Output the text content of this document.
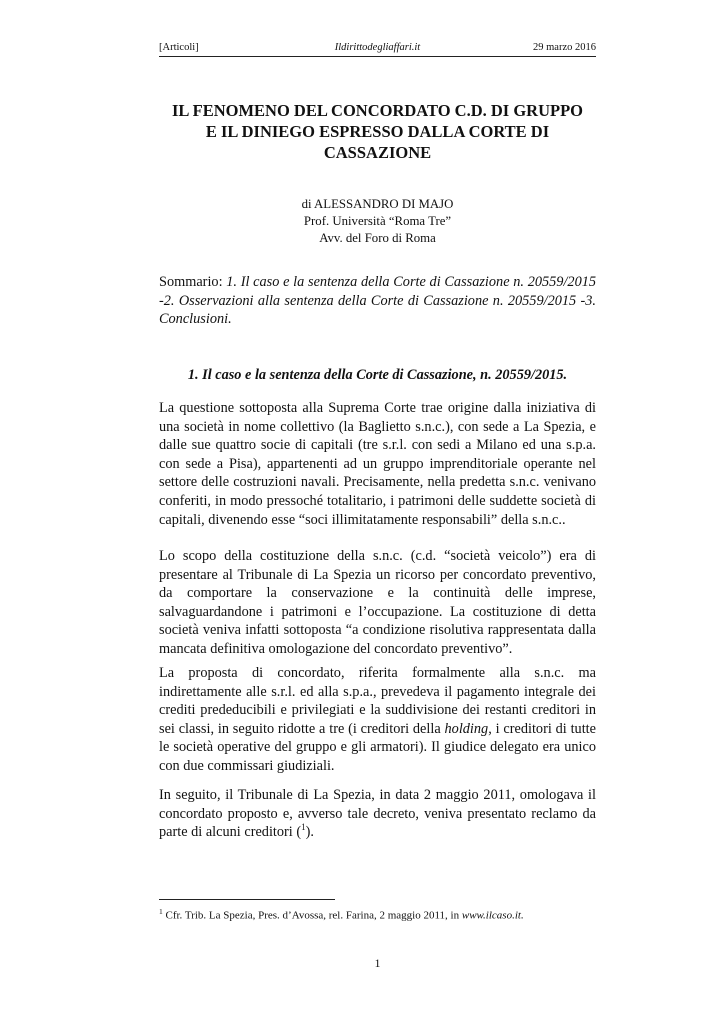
[Articoli]	Ildirittodegliaffari.it	29 marzo 2016
IL FENOMENO DEL CONCORDATO C.D. DI GRUPPO
E IL DINIEGO ESPRESSO DALLA CORTE DI
CASSAZIONE
di ALESSANDRO DI MAJO
Prof. Università “Roma Tre”
Avv. del Foro di Roma
Sommario: 1. Il caso e la sentenza della Corte di Cassazione n. 20559/2015 -2. Osservazioni alla sentenza della Corte di Cassazione n. 20559/2015 -3. Conclusioni.
1. Il caso e la sentenza della Corte di Cassazione, n. 20559/2015.

La questione sottoposta alla Suprema Corte trae origine dalla iniziativa di una società in nome collettivo (la Baglietto s.n.c.), con sede a La Spezia, e dalle sue quattro socie di capitali (tre s.r.l. con sedi a Milano ed una s.p.a. con sede a Pisa), appartenenti ad un gruppo imprenditoriale operante nel settore delle costruzioni navali. Precisamente, nella predetta s.n.c. venivano conferiti, in modo pressoché totalitario, i patrimoni delle suddette società di capitali, divenendo esse “soci illimitatamente responsabili” della s.n.c..

Lo scopo della costituzione della s.n.c. (c.d. “società veicolo”) era di presentare al Tribunale di La Spezia un ricorso per concordato preventivo, da comportare la conservazione e la continuità delle imprese, salvaguardandone i patrimoni e l’occupazione. La costituzione di detta società veniva infatti sottoposta “a condizione risolutiva rappresentata dalla mancata definitiva omologazione del concordato preventivo”.

La proposta di concordato, riferita formalmente alla s.n.c. ma indirettamente alle s.r.l. ed alla s.p.a., prevedeva il pagamento integrale dei crediti prededucibili e privilegiati e la suddivisione dei restanti creditori in sei classi, in seguito ridotte a tre (i creditori della holding, i creditori di tutte le società operative del gruppo e gli armatori). Il giudice delegato era unico con due commissari giudiziali.

In seguito, il Tribunale di La Spezia, in data 2 maggio 2011, omologava il concordato proposto e, avverso tale decreto, veniva presentato reclamo da parte di alcuni creditori ($^1$).

$^1$ Cfr. Trib. La Spezia, Pres. d’Avossa, rel. Farina, 2 maggio 2011, in www.ilcaso.it.
1
